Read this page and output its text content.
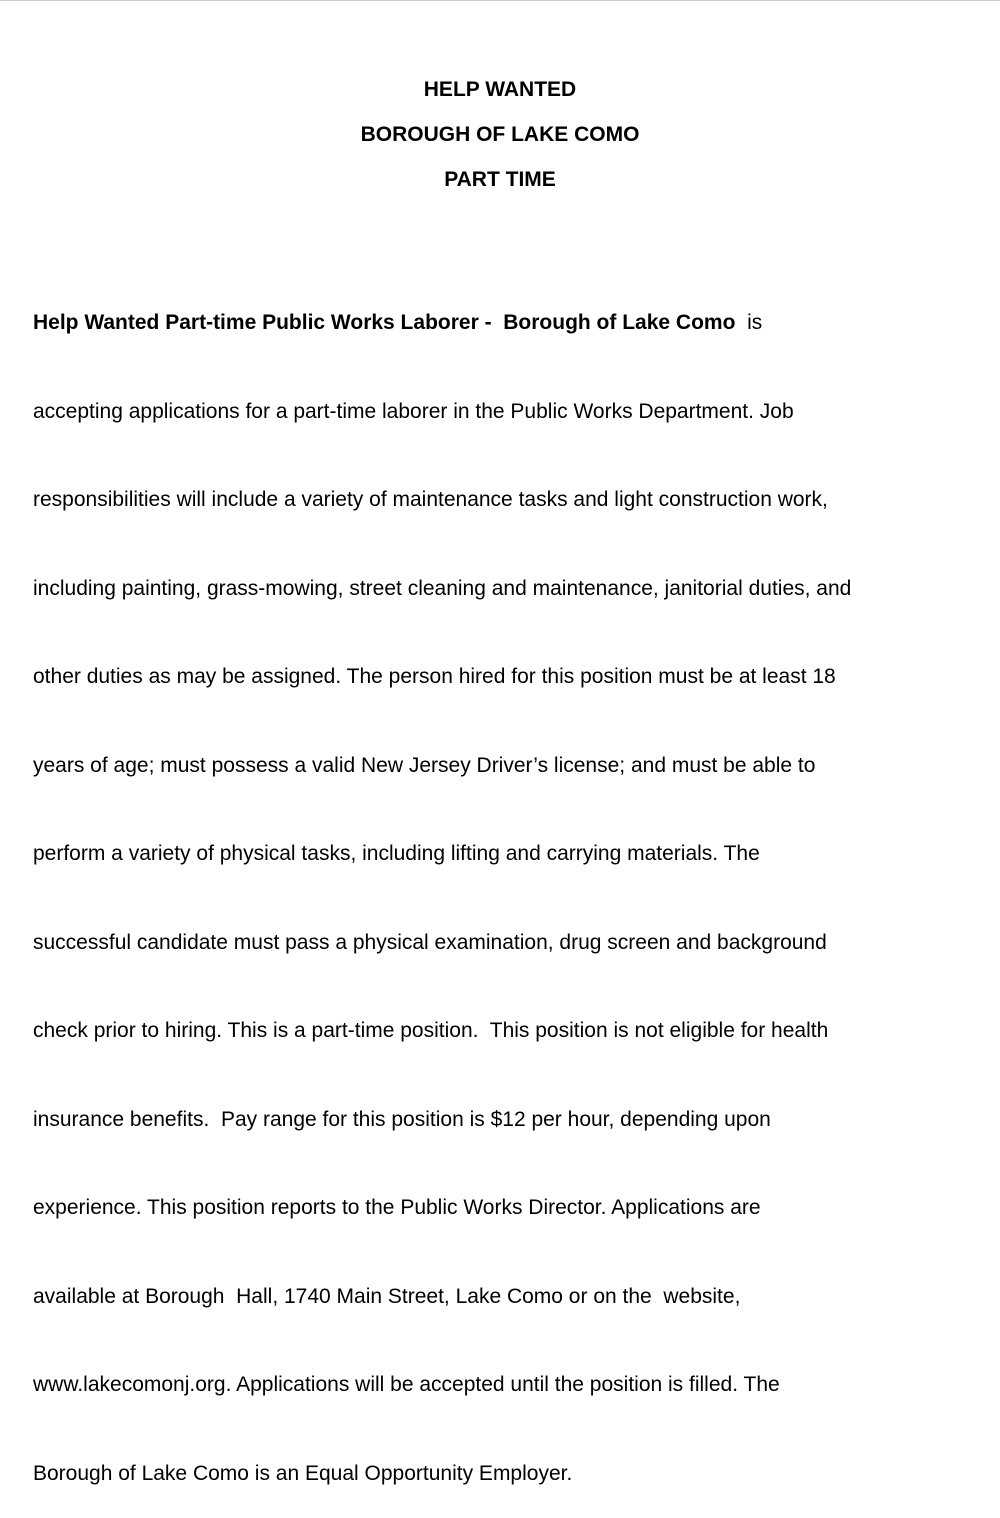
HELP WANTED
BOROUGH OF LAKE COMO
PART TIME

Help Wanted Part-time Public Works Laborer -  Borough of Lake Como  is

accepting applications for a part-time laborer in the Public Works Department. Job

responsibilities will include a variety of maintenance tasks and light construction work,

including painting, grass-mowing, street cleaning and maintenance, janitorial duties, and

other duties as may be assigned. The person hired for this position must be at least 18

years of age; must possess a valid New Jersey Driver’s license; and must be able to

perform a variety of physical tasks, including lifting and carrying materials. The

successful candidate must pass a physical examination, drug screen and background

check prior to hiring. This is a part-time position.  This position is not eligible for health

insurance benefits.  Pay range for this position is $12 per hour, depending upon

experience. This position reports to the Public Works Director. Applications are

available at Borough  Hall, 1740 Main Street, Lake Como or on the  website,

www.lakecomonj.org. Applications will be accepted until the position is filled. The

Borough of Lake Como is an Equal Opportunity Employer.
